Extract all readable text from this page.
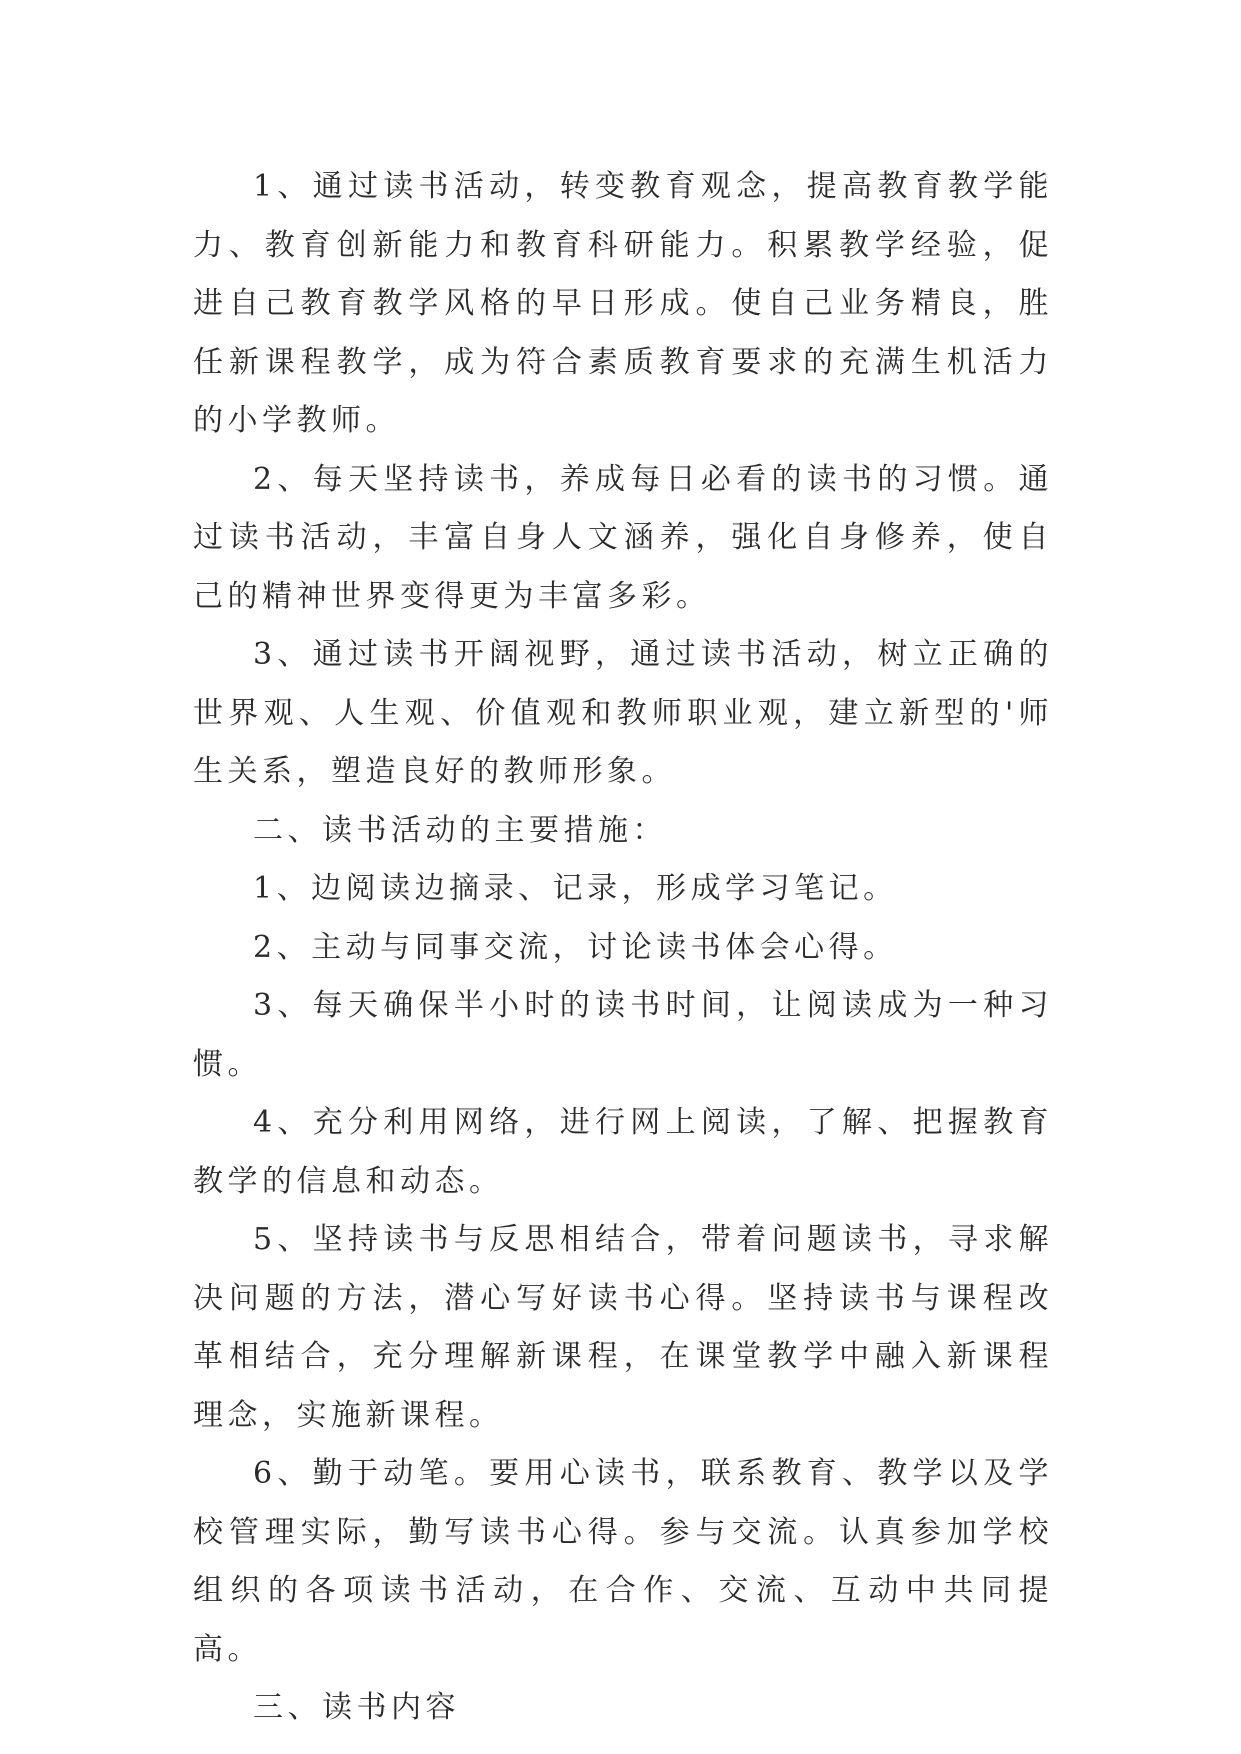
1、通过读书活动，转变教育观念，提高教育教学能力、教育创新能力和教育科研能力。积累教学经验，促进自己教育教学风格的早日形成。使自己业务精良，胜任新课程教学，成为符合素质教育要求的充满生机活力的小学教师。

2、每天坚持读书，养成每日必看的读书的习惯。通过读书活动，丰富自身人文涵养，强化自身修养，使自己的精神世界变得更为丰富多彩。

3、通过读书开阔视野，通过读书活动，树立正确的世界观、人生观、价值观和教师职业观，建立新型的'师生关系，塑造良好的教师形象。

二、读书活动的主要措施：

1、边阅读边摘录、记录，形成学习笔记。

2、主动与同事交流，讨论读书体会心得。

3、每天确保半小时的读书时间，让阅读成为一种习惯。

4、充分利用网络，进行网上阅读，了解、把握教育教学的信息和动态。

5、坚持读书与反思相结合，带着问题读书，寻求解决问题的方法，潜心写好读书心得。坚持读书与课程改革相结合，充分理解新课程，在课堂教学中融入新课程理念，实施新课程。

6、勤于动笔。要用心读书，联系教育、教学以及学校管理实际，勤写读书心得。参与交流。认真参加学校组织的各项读书活动，在合作、交流、互动中共同提高。

三、读书内容
